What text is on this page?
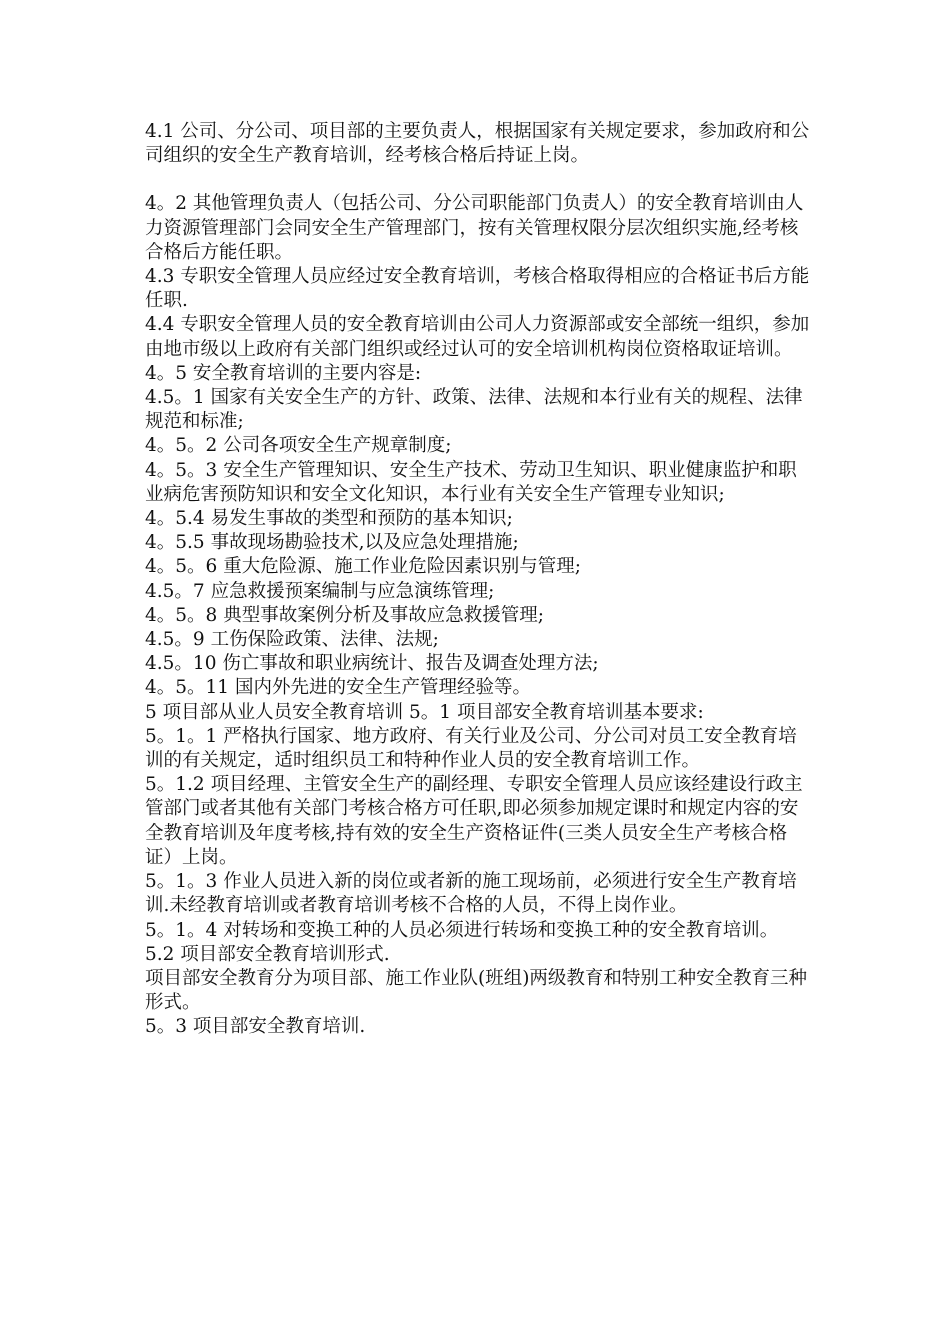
4.1 公司、分公司、项目部的主要负责人，根据国家有关规定要求，参加政府和公司组织的安全生产教育培训，经考核合格后持证上岗。

4。2 其他管理负责人（包括公司、分公司职能部门负责人）的安全教育培训由人力资源管理部门会同安全生产管理部门，按有关管理权限分层次组织实施,经考核合格后方能任职。

4.3 专职安全管理人员应经过安全教育培训，考核合格取得相应的合格证书后方能任职.

4.4 专职安全管理人员的安全教育培训由公司人力资源部或安全部统一组织，参加由地市级以上政府有关部门组织或经过认可的安全培训机构岗位资格取证培训。

4。5 安全教育培训的主要内容是:

4.5。1 国家有关安全生产的方针、政策、法律、法规和本行业有关的规程、法律规范和标准;

4。5。2 公司各项安全生产规章制度;

4。5。3 安全生产管理知识、安全生产技术、劳动卫生知识、职业健康监护和职业病危害预防知识和安全文化知识，本行业有关安全生产管理专业知识;

4。5.4 易发生事故的类型和预防的基本知识;

4。5.5 事故现场勘验技术,以及应急处理措施;

4。5。6 重大危险源、施工作业危险因素识别与管理;

4.5。7 应急救援预案编制与应急演练管理;

4。5。8 典型事故案例分析及事故应急救援管理;

4.5。9 工伤保险政策、法律、法规;

4.5。10 伤亡事故和职业病统计、报告及调查处理方法;

4。5。11 国内外先进的安全生产管理经验等。

5 项目部从业人员安全教育培训 5。1 项目部安全教育培训基本要求:

5。1。1 严格执行国家、地方政府、有关行业及公司、分公司对员工安全教育培训的有关规定，适时组织员工和特种作业人员的安全教育培训工作。

5。1.2 项目经理、主管安全生产的副经理、专职安全管理人员应该经建设行政主管部门或者其他有关部门考核合格方可任职,即必须参加规定课时和规定内容的安全教育培训及年度考核,持有效的安全生产资格证件(三类人员安全生产考核合格证）上岗。

5。1。3 作业人员进入新的岗位或者新的施工现场前，必须进行安全生产教育培训.未经教育培训或者教育培训考核不合格的人员，不得上岗作业。

5。1。4 对转场和变换工种的人员必须进行转场和变换工种的安全教育培训。

5.2 项目部安全教育培训形式.

项目部安全教育分为项目部、施工作业队(班组)两级教育和特别工种安全教育三种形式。

5。3 项目部安全教育培训.
